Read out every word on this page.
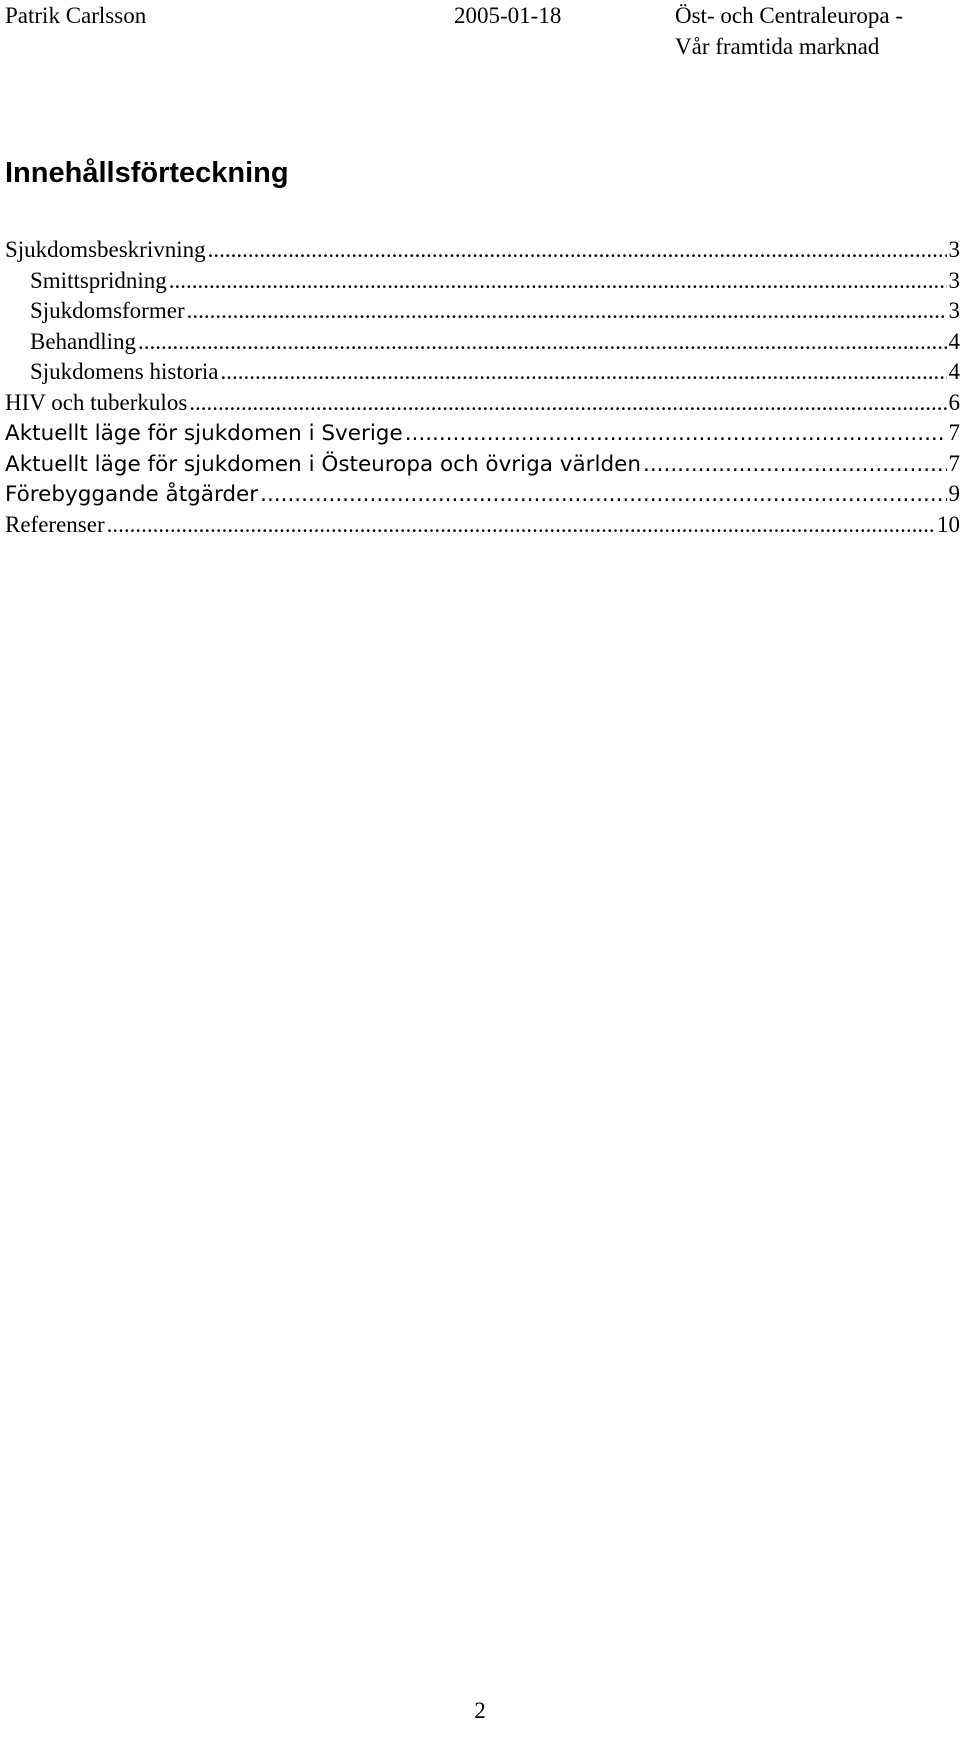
Patrik Carlsson	2005-01-18	Öst- och Centraleuropa -
Vår framtida marknad
Innehållsförteckning
Sjukdomsbeskrivning .....	3
Smittspridning .....	3
Sjukdomsformer .....	3
Behandling .....	4
Sjukdomens historia .....	4
HIV och tuberkulos .....	6
Aktuellt läge för sjukdomen i Sverige .....	7
Aktuellt läge för sjukdomen i Östeuropa och övriga världen .....	7
Förebyggande åtgärder .....	9
Referenser .....	10
2
